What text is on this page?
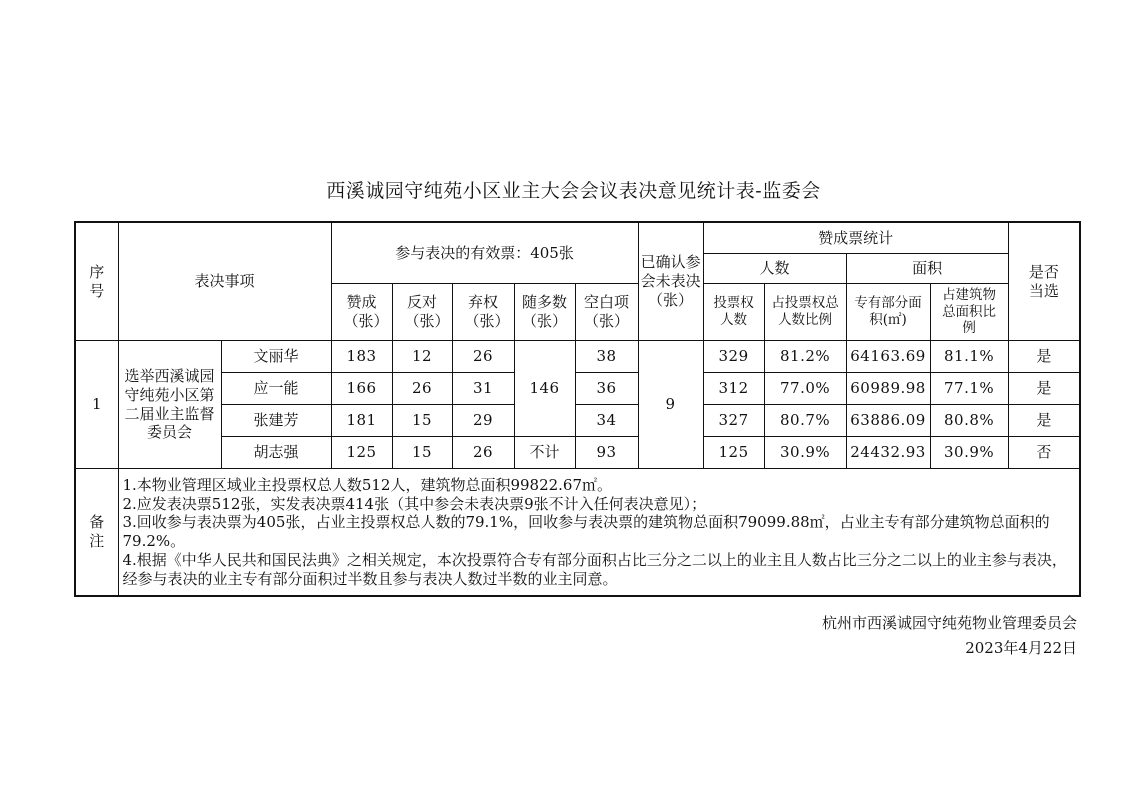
西溪诚园守纯苑小区业主大会会议表决意见统计表-监委会
序号	表决事项		参与表决的有效票：405张					已确认参会未表决（张）	赞成票统计				是否当选
									人数		面积		
			赞成（张）	反对（张）	弃权（张）	随多数（张）	空白项（张）		投票权人数	占投票权总人数比例	专有部分面积(㎡)	占建筑物总面积比例	
1	选举西溪诚园守纯苑小区第二届业主监督委员会	文丽华	183	12	26	146	38	9	329	81.2%	64163.69	81.1%	是
		应一能	166	26	31		36		312	77.0%	60989.98	77.1%	是
		张建芳	181	15	29		34		327	80.7%	63886.09	80.8%	是
		胡志强	125	15	26	不计	93		125	30.9%	24432.93	30.9%	否
备注	1.本物业管理区域业主投票权总人数512人，建筑物总面积99822.67㎡。
2.应发表决票512张，实发表决票414张（其中参会未表决票9张不计入任何表决意见）；
3.回收参与表决票为405张，占业主投票权总人数的79.1%，回收参与表决票的建筑物总面积79099.88㎡，占业主专有部分建筑物总面积的79.2%。
4.根据《中华人民共和国民法典》之相关规定，本次投票符合专有部分面积占比三分之二以上的业主且人数占比三分之二以上的业主参与表决，经参与表决的业主专有部分面积过半数且参与表决人数过半数的业主同意。												
杭州市西溪诚园守纯苑物业管理委员会
2023年4月22日
